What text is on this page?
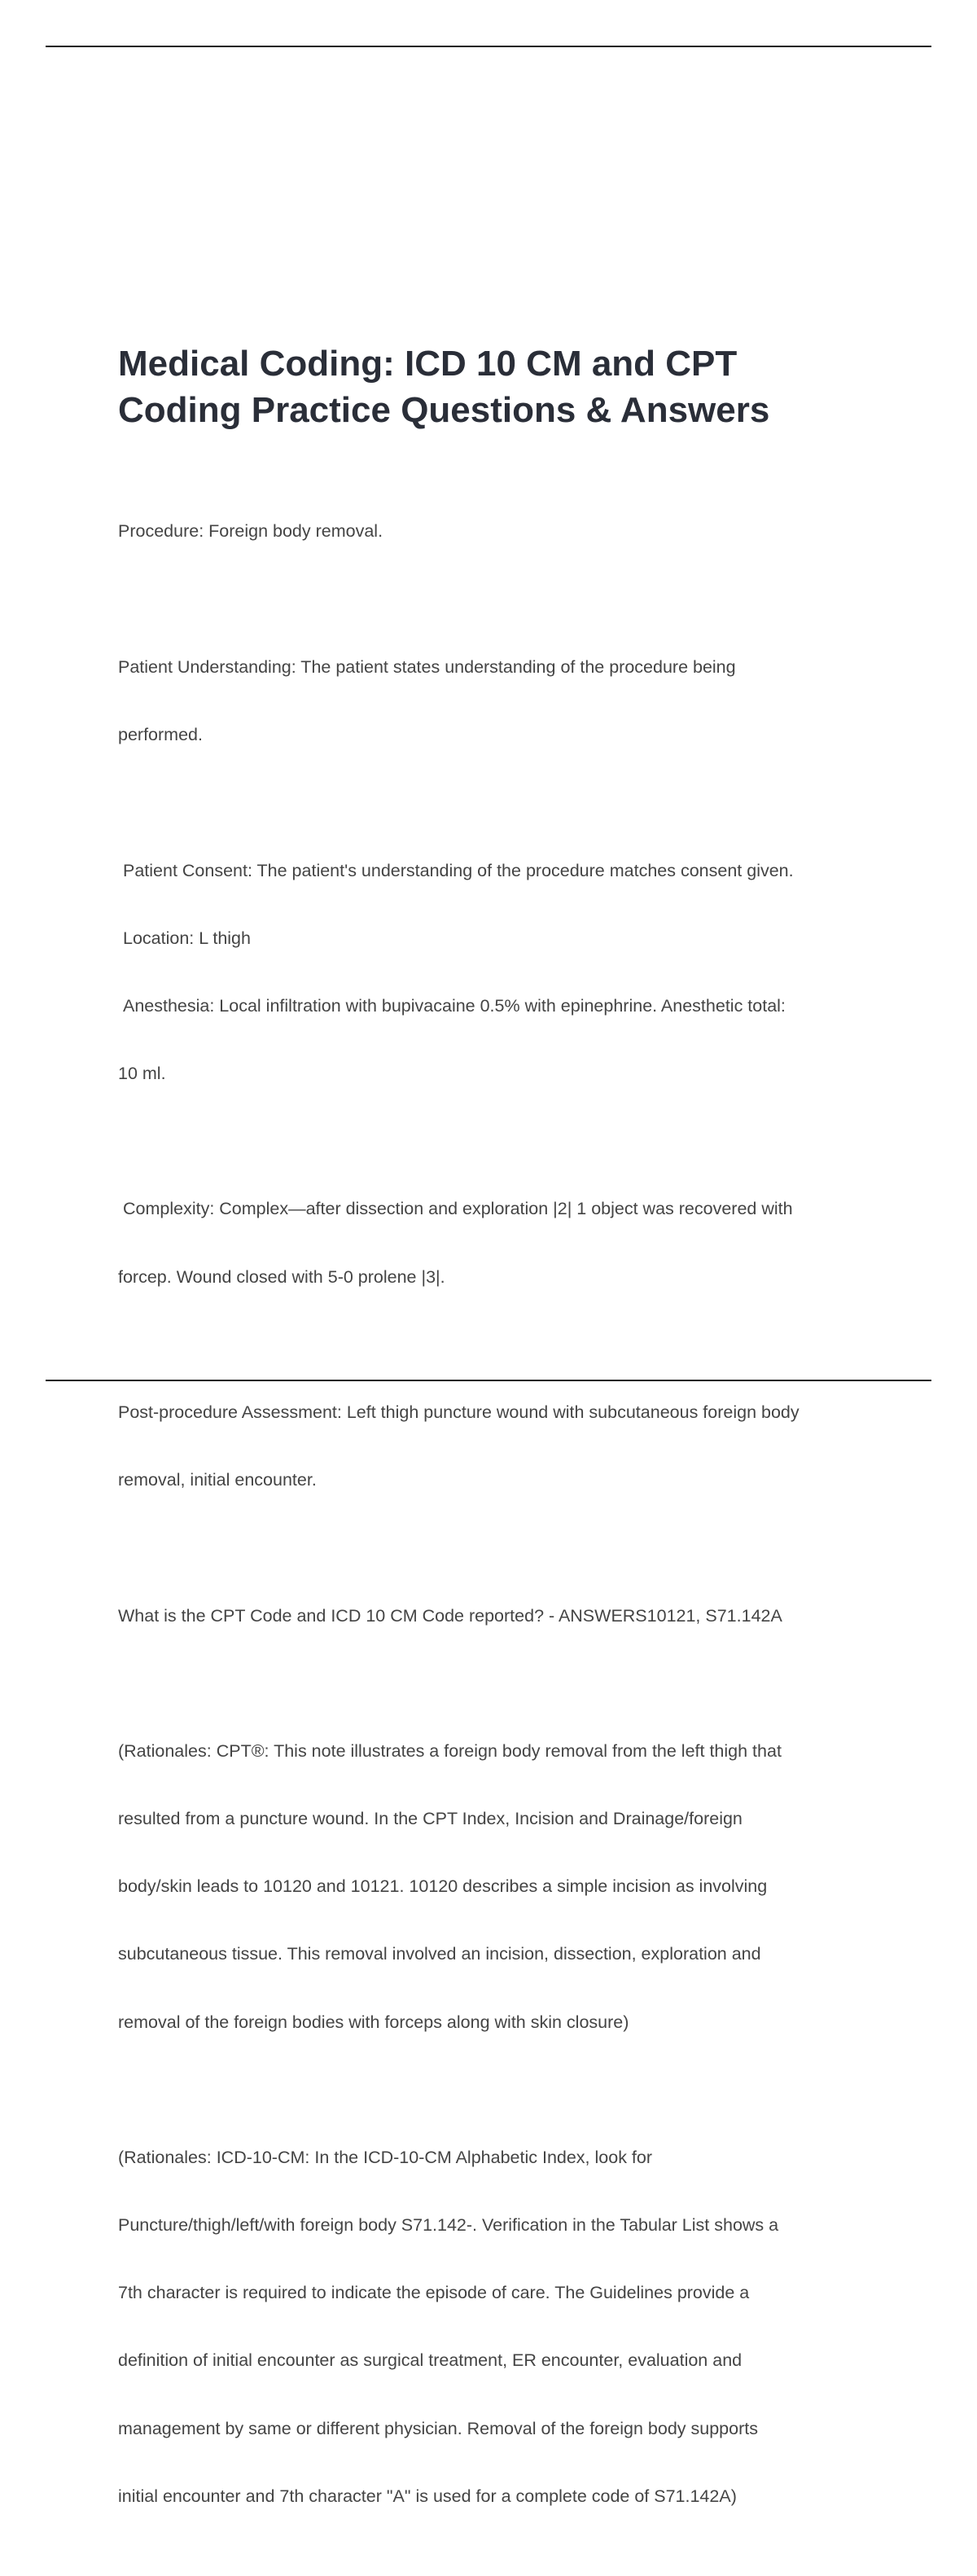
Medical Coding: ICD 10 CM and CPT
Coding Practice Questions & Answers

Procedure: Foreign body removal.

Patient Understanding: The patient states understanding of the procedure being

performed.

Patient Consent: The patient's understanding of the procedure matches consent given.

Location: L thigh

Anesthesia: Local infiltration with bupivacaine 0.5% with epinephrine. Anesthetic total:

10 ml.

Complexity: Complex—after dissection and exploration |2| 1 object was recovered with

forcep. Wound closed with 5-0 prolene |3|.

Post-procedure Assessment: Left thigh puncture wound with subcutaneous foreign body

removal, initial encounter.

What is the CPT Code and ICD 10 CM Code reported? - ANSWERS10121, S71.142A

(Rationales: CPT®: This note illustrates a foreign body removal from the left thigh that

resulted from a puncture wound. In the CPT Index, Incision and Drainage/foreign

body/skin leads to 10120 and 10121. 10120 describes a simple incision as involving

subcutaneous tissue. This removal involved an incision, dissection, exploration and

removal of the foreign bodies with forceps along with skin closure)

(Rationales: ICD-10-CM: In the ICD-10-CM Alphabetic Index, look for

Puncture/thigh/left/with foreign body S71.142-. Verification in the Tabular List shows a

7th character is required to indicate the episode of care. The Guidelines provide a

definition of initial encounter as surgical treatment, ER encounter, evaluation and

management by same or different physician. Removal of the foreign body supports

initial encounter and 7th character "A" is used for a complete code of S71.142A)
